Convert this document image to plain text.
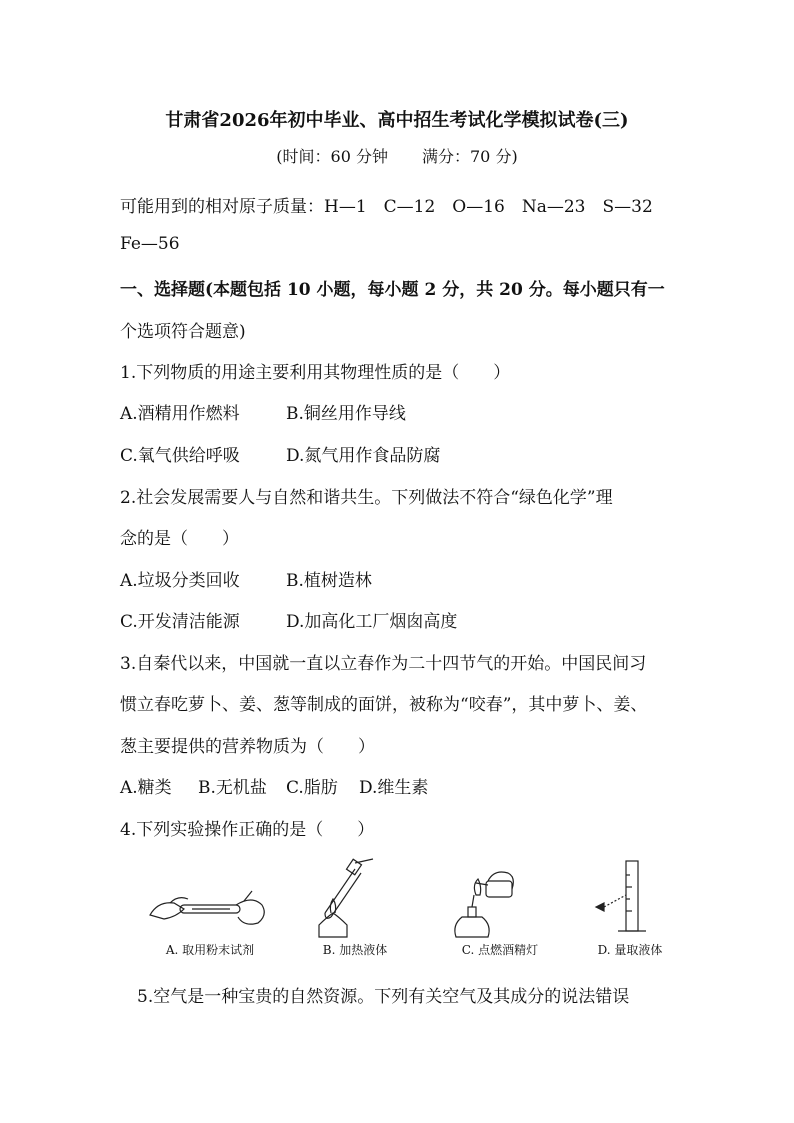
甘肃省2026年初中毕业、高中招生考试化学模拟试卷(三)
(时间：60 分钟 满分：70 分)
可能用到的相对原子质量：H—1　C—12　O—16　Na—23　S—32
Fe—56
一、选择题(本题包括 10 小题，每小题 2 分，共 20 分。每小题只有一
个选项符合题意)
1.下列物质的用途主要利用其物理性质的是（　　）
A.酒精用作燃料	B.铜丝用作导线
C.氧气供给呼吸	D.氮气用作食品防腐
2.社会发展需要人与自然和谐共生。下列做法不符合“绿色化学”理
念的是（　　）
A.垃圾分类回收	B.植树造林
C.开发清洁能源	D.加高化工厂烟囱高度
3.自秦代以来，中国就一直以立春作为二十四节气的开始。中国民间习
惯立春吃萝卜、姜、葱等制成的面饼，被称为“咬春”，其中萝卜、姜、
葱主要提供的营养物质为（　　）
A.糖类 B.无机盐 C.脂肪 D.维生素
4.下列实验操作正确的是（　　）
A. 取用粉末试剂	B. 加热液体	C. 点燃酒精灯	D. 量取液体
5.空气是一种宝贵的自然资源。下列有关空气及其成分的说法错误
